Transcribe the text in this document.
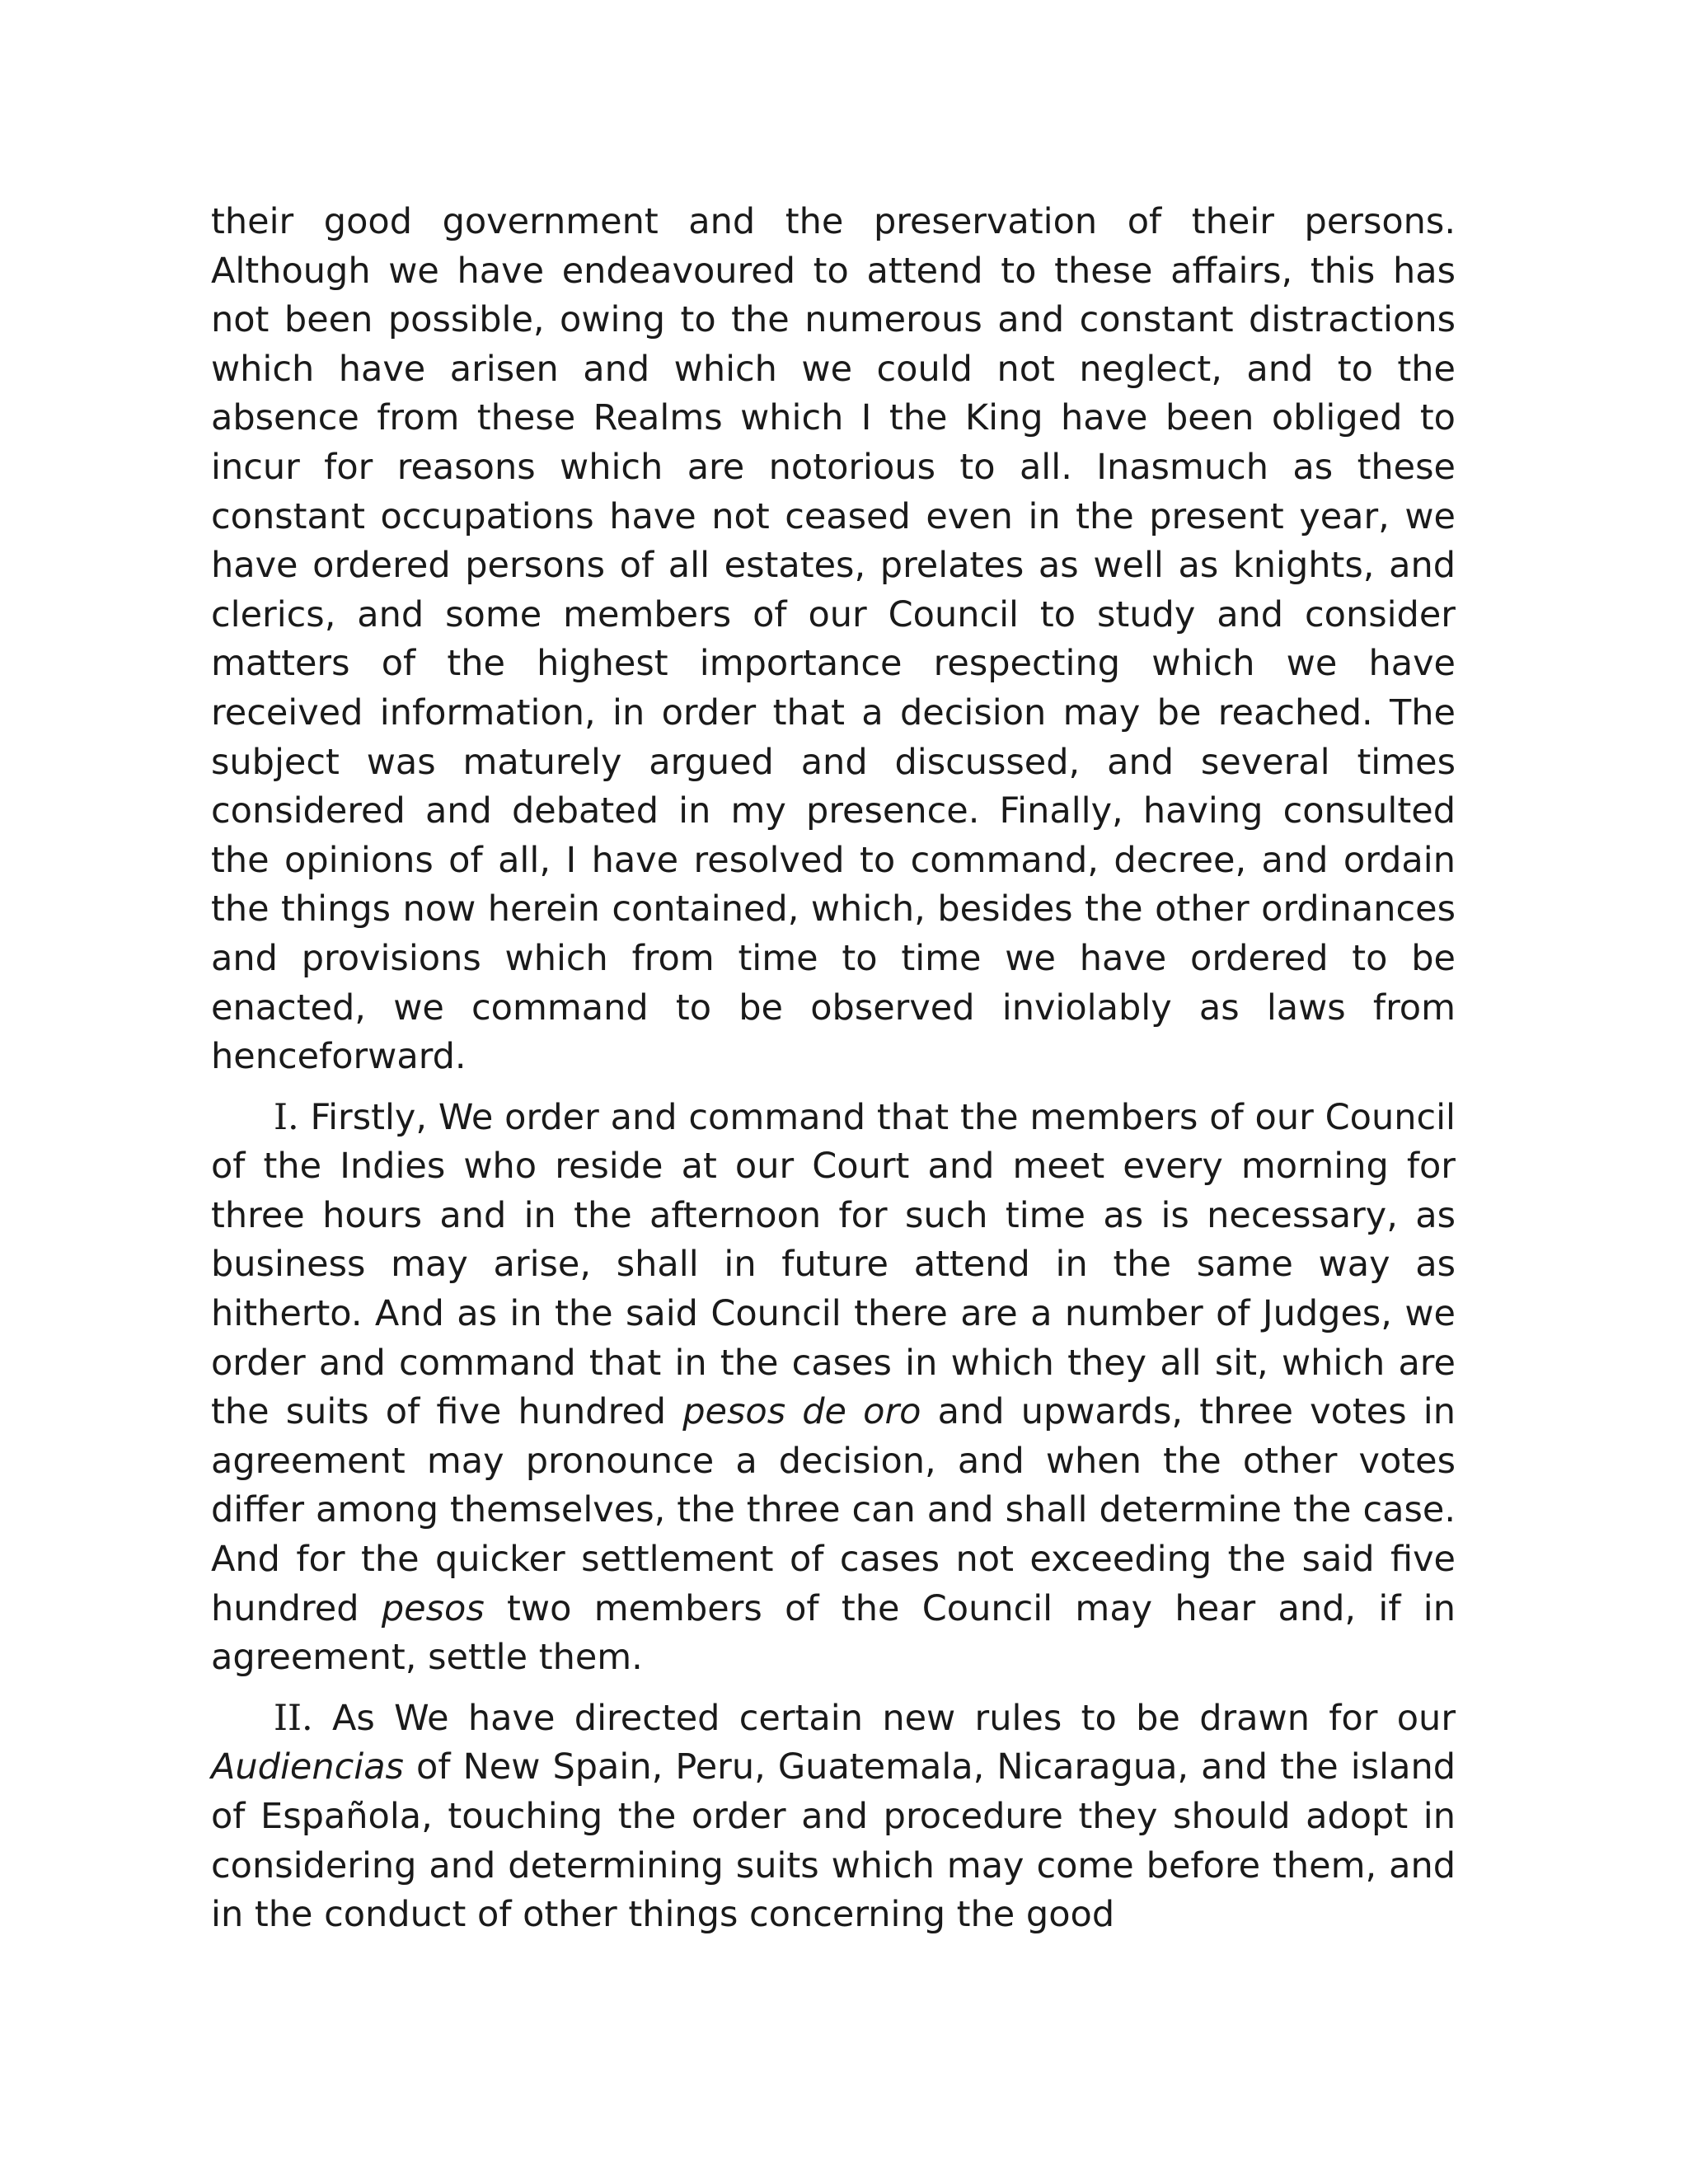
their good government and the preservation of their persons. Although we have endeavoured to attend to these affairs, this has not been possible, owing to the numerous and constant distractions which have arisen and which we could not neglect, and to the absence from these Realms which I the King have been obliged to incur for reasons which are notorious to all. Inasmuch as these constant occupations have not ceased even in the present year, we have ordered persons of all estates, prelates as well as knights, and clerics, and some members of our Council to study and consider matters of the highest importance respecting which we have received information, in order that a decision may be reached. The subject was maturely argued and discussed, and several times considered and debated in my presence. Finally, having consulted the opinions of all, I have resolved to command, decree, and ordain the things now herein contained, which, besides the other ordinances and provisions which from time to time we have ordered to be enacted, we command to be observed inviolably as laws from henceforward.

I. Firstly, We order and command that the members of our Council of the Indies who reside at our Court and meet every morning for three hours and in the afternoon for such time as is necessary, as business may arise, shall in future attend in the same way as hitherto. And as in the said Council there are a number of Judges, we order and command that in the cases in which they all sit, which are the suits of five hundred pesos de oro and upwards, three votes in agreement may pronounce a decision, and when the other votes differ among themselves, the three can and shall determine the case. And for the quicker settlement of cases not exceeding the said five hundred pesos two members of the Council may hear and, if in agreement, settle them.

II. As We have directed certain new rules to be drawn for our Audiencias of New Spain, Peru, Guatemala, Nicaragua, and the island of Española, touching the order and procedure they should adopt in considering and determining suits which may come before them, and in the conduct of other things concerning the good
